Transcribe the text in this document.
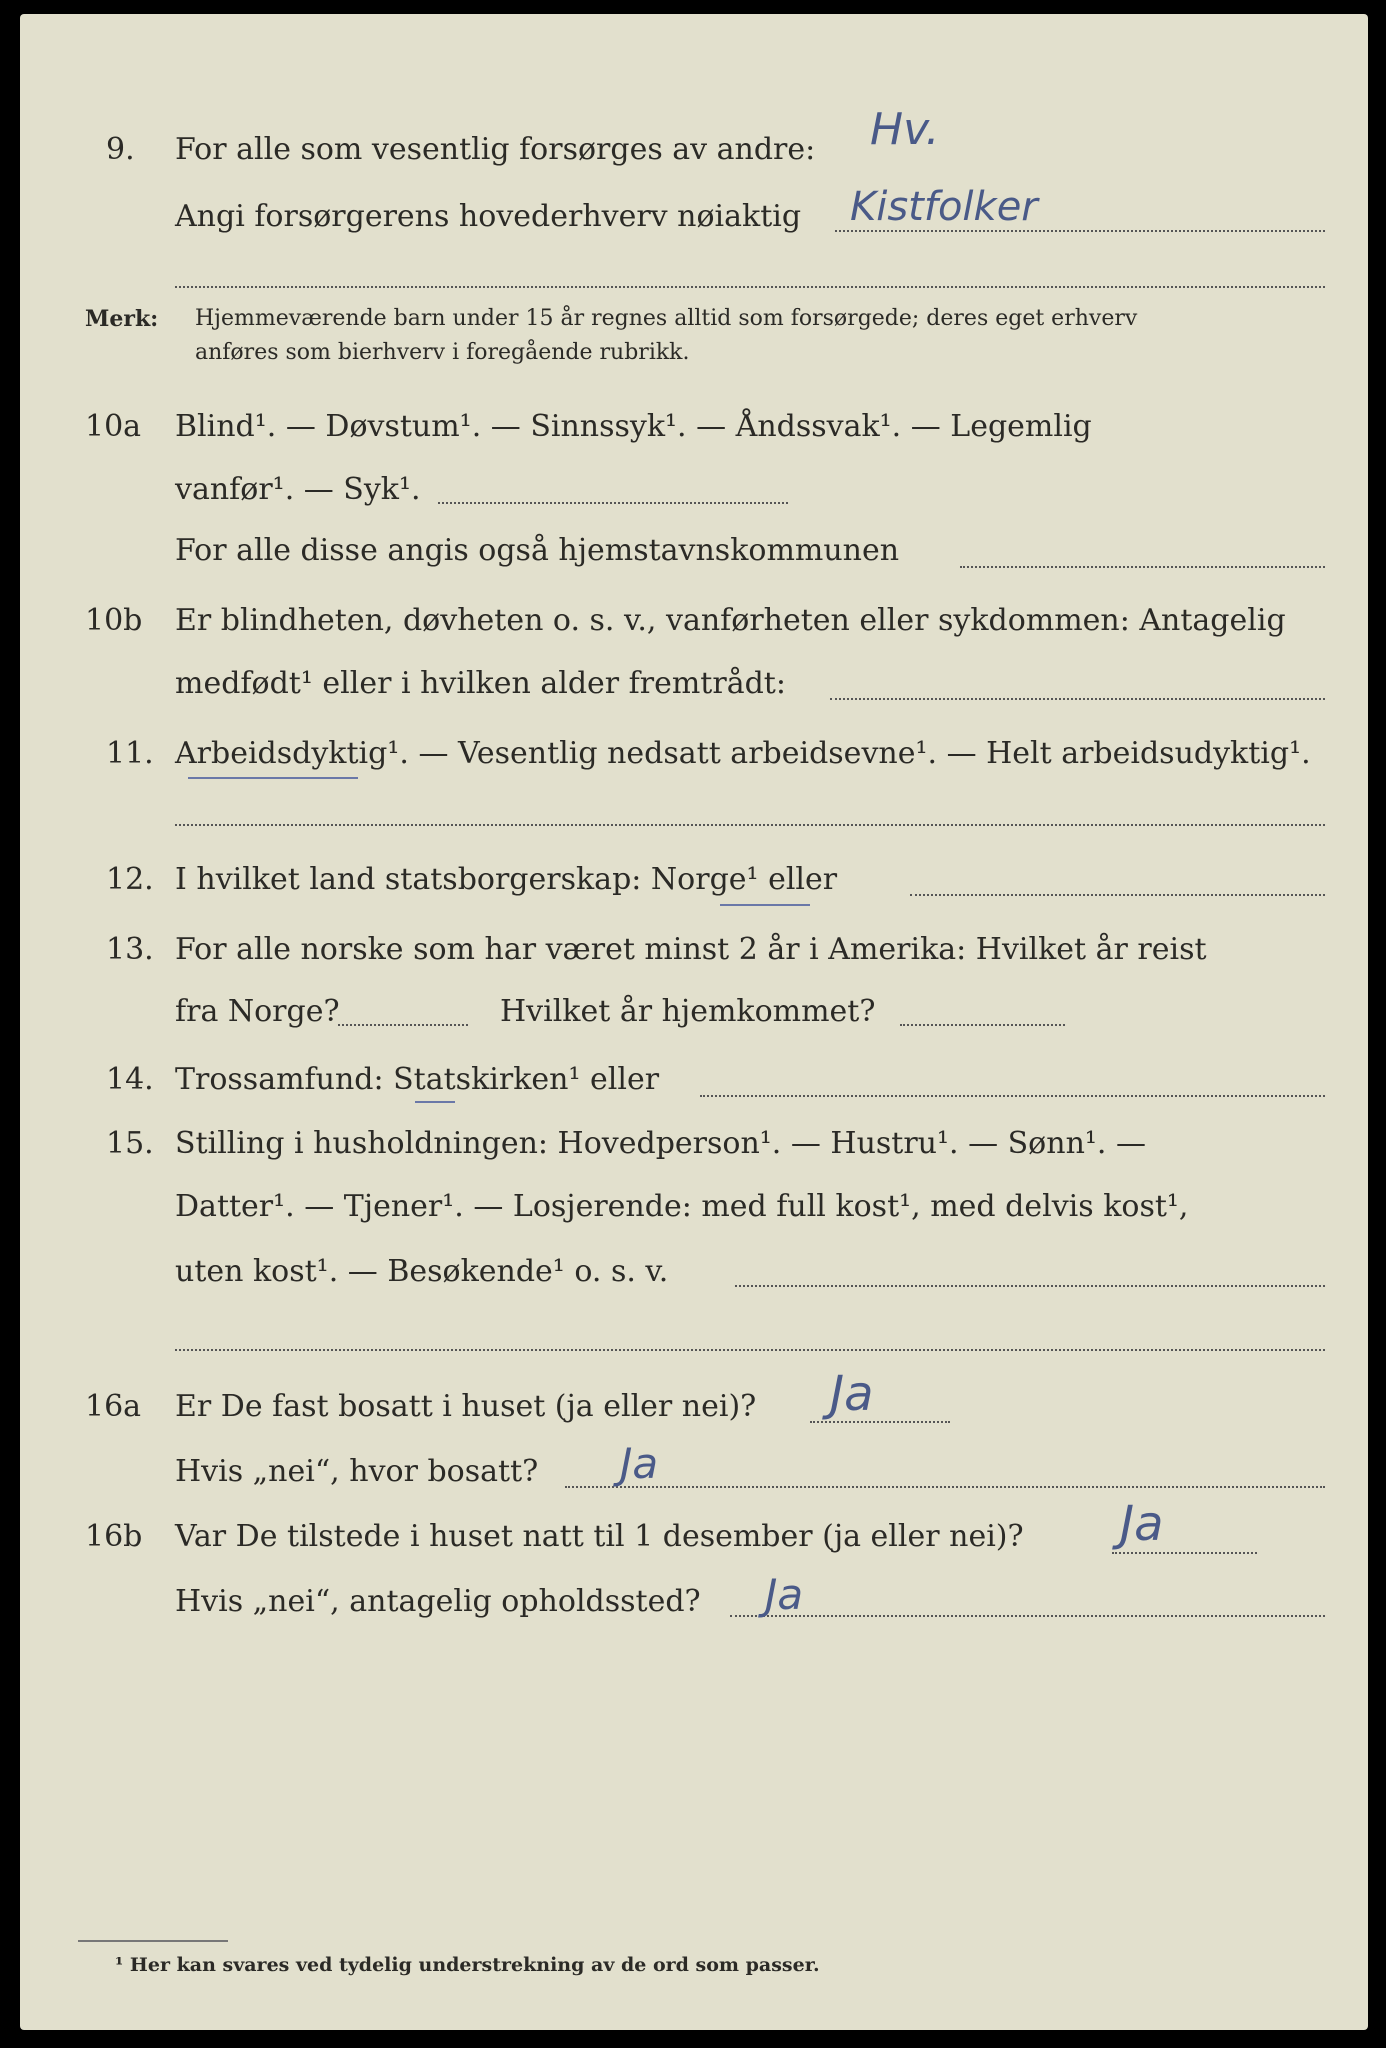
9. For alle som vesentlig forsørges av andre: Hv.
Angi forsørgerens hovederhverv nøiaktig Kistfolker
Merk: Hjemmeværende barn under 15 år regnes alltid som forsørgede; deres eget erhverv
anføres som bierhverv i foregående rubrikk.
10a Blind¹. — Døvstum¹. — Sinnssyk¹. — Åndssvak¹. — Legemlig
vanfør¹. — Syk¹.
For alle disse angis også hjemstavnskommunen
10b Er blindheten, døvheten o. s. v., vanførheten eller sykdommen: Antagelig
medfødt¹ eller i hvilken alder fremtrådt:
11. Arbeidsdyktig¹. — Vesentlig nedsatt arbeidsevne¹. — Helt arbeidsudyktig¹.
12. I hvilket land statsborgerskap: Norge¹ eller
13. For alle norske som har været minst 2 år i Amerika: Hvilket år reist
fra Norge?	Hvilket år hjemkommet?
14. Trossamfund: Statskirken¹ eller
15. Stilling i husholdningen: Hovedperson¹. — Hustru¹. — Sønn¹. —
Datter¹. — Tjener¹. — Losjerende: med full kost¹, med delvis kost¹,
uten kost¹. — Besøkende¹ o. s. v.
16a Er De fast bosatt i huset (ja eller nei)? Ja
Hvis „nei“, hvor bosatt? Ja
16b Var De tilstede i huset natt til 1 desember (ja eller nei)? Ja
Hvis „nei“, antagelig opholdssted? Ja
¹ Her kan svares ved tydelig understrekning av de ord som passer.
